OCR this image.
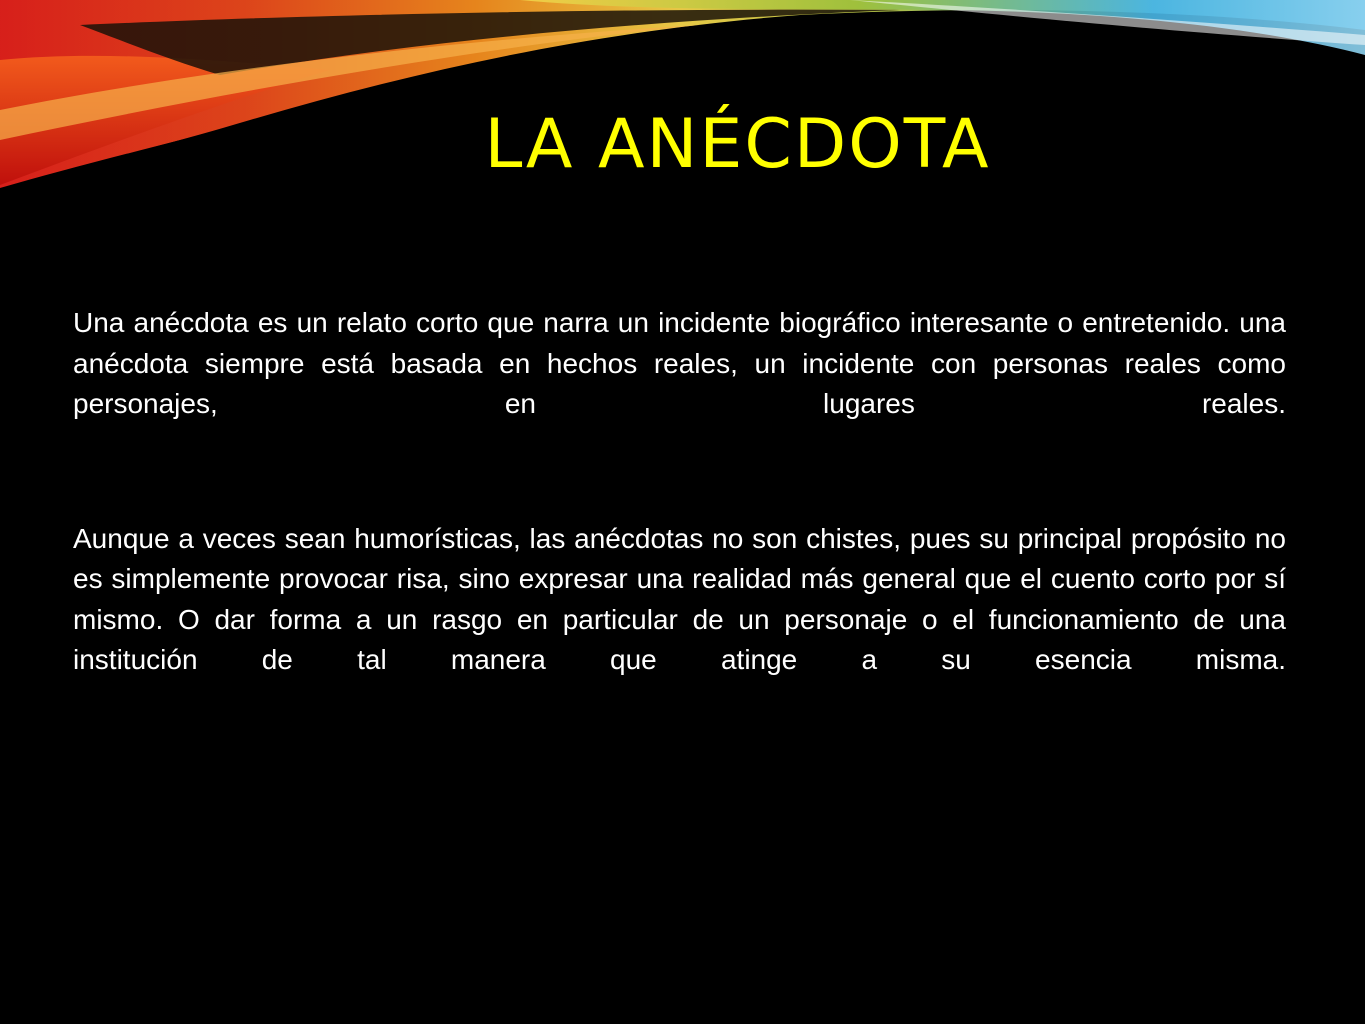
LA ANÉCDOTA

Una anécdota es un relato corto que narra un incidente biográfico interesante o entretenido. una anécdota siempre está basada en hechos reales, un incidente con personas reales como personajes, en lugares reales.

Aunque a veces sean humorísticas, las anécdotas no son chistes, pues su principal propósito no es simplemente provocar risa, sino expresar una realidad más general que el cuento corto por sí mismo. O dar forma a un rasgo en particular de un personaje o el funcionamiento de una institución de tal manera que atinge a su esencia misma.
